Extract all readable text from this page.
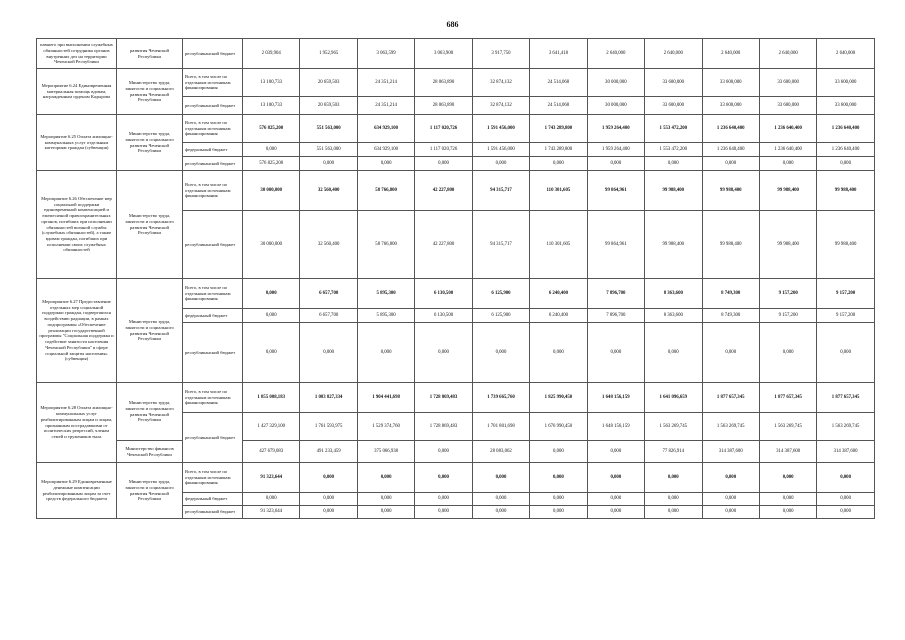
686
павшего при выполнении служебных обязанностей сотрудника органов внутренних дел на территории Чеченской Республики	развития Чеченской Республики	республиканский бюджет	2 039,904	1 952,965	3 063,599	3 063,900	3 917,750	3 641,418	2 640,000	2 640,000	2 640,000	2 640,000	2 640,000
Мероприятие 6.24 Единовременная материальная помощь вдовам, награжденным орденом Кадырова	Министерство труда, занятости и социального развития Чеченской Республики	Всего, в том числе по отдельным источникам финансирования	13 100,733	20 659,503	24 351,214	28 063,890	32 874,132	24 514,068	30 000,000	33 600,000	33 600,000	33 600,000	33 600,000
		республиканский бюджет	13 100,733	20 659,503	24 351,214	28 063,890	32 874,132	24 514,068	30 000,000	33 600,000	33 600,000	33 600,000	33 600,000
Мероприятие 6.25 Оплата жилищно-коммунальных услуг отдельным категориям граждан (субвенция)	Министерство труда, занятости и социального развития Чеченской Республики	Всего, в том числе по отдельным источникам финансирования	576 825,200	551 563,000	634 929,100	1 117 020,726	1 591 456,000	1 743 289,800	1 959 264,400	1 553 472,200	1 236 640,400	1 236 640,400	1 236 640,400
		федеральный бюджет	0,000	551 563,000	634 929,100	1 117 020,726	1 591 456,000	1 743 289,800	1 959 264,400	1 553 472,200	1 236 640,400	1 236 640,400	1 236 640,400
		республиканский бюджет	576 825,200	0,000	0,000	0,000	0,000	0,000	0,000	0,000	0,000	0,000	0,000
Мероприятие 6.26 Обеспечение мер социальной поддержки единовременной компенсацией и ежемесячной правоохранительных органов, погибших при исполнении обязанностей военной службы (служебных обязанностей), а также вдовам граждан, погибших при исполнении своих служебных обязанностей	Министерство труда, занятости и социального развития Чеченской Республики	Всего, в том числе по отдельным источникам финансирования	30 000,000	32 560,400	58 766,800	42 227,800	94 315,717	110 301,605	99 864,961	99 988,400	99 988,400	99 988,400	99 988,400
		республиканский бюджет	30 000,000	32 560,400	58 766,800	42 227,800	94 315,717	110 301,605	99 864,961	99 988,400	99 988,400	99 988,400	99 988,400
Мероприятие 6.27 Предоставление отдельных мер социальной поддержки граждан, подвергшихся воздействию радиации, в рамках подпрограммы «Обеспечение реализации государственной программы "Социальная поддержка и содействие занятости населения Чеченской Республики" в сфере социальной защиты населения» (субвенция)	Министерство труда, занятости и социального развития Чеченской Республики	Всего, в том числе по отдельным источникам финансирования	0,000	6 657,700	5 895,300	6 130,500	6 125,900	6 240,400	7 896,700	8 363,600	8 749,300	9 157,200	9 157,200
		федеральный бюджет	0,000	6 657,700	5 895,300	6 130,500	6 125,900	6 240,400	7 896,700	8 363,600	8 749,300	9 157,200	9 157,200
		республиканский бюджет	0,000	0,000	0,000	0,000	0,000	0,000	0,000	0,000	0,000	0,000	0,000
Мероприятие 6.28 Оплата жилищно-коммунальных услуг реабилитированным лицам и лицам, признанным пострадавшими от политических репрессий, членам семей и тружеников тыла	Министерство труда, занятости и социального развития Чеченской Республики	Всего, в том числе по отдельным источникам финансирования	1 855 008,183	1 083 827,334	1 904 441,698	1 728 869,483	1 739 665,760	1 825 990,450	1 648 156,159	1 641 096,659	1 877 657,345	1 877 657,345	1 877 657,345
		республиканский бюджет	1 427 329,100	1 761 593,975	1 529 374,760	1 728 869,483	1 701 801,698	1 676 990,450	1 648 156,159	1 563 269,745	1 563 269,745	1 563 269,745	1 563 269,745
	Министерство финансов Чеченской Республики		427 679,083	491 233,459	375 066,938	0,000	28 083,062	0,000	0,000	77 826,914	314 387,600	314 387,600	314 387,600
Мероприятие 6.29 Единовременные денежные компенсации реабилитированным лицам за счет средств федерального бюджета	Министерство труда, занятости и социального развития Чеченской Республики	Всего, в том числе по отдельным источникам финансирования	91 323,644	0,000	0,000	0,000	0,000	0,000	0,000	0,000	0,000	0,000	0,000
		федеральный бюджет	0,000	0,000	0,000	0,000	0,000	0,000	0,000	0,000	0,000	0,000	0,000
		республиканский бюджет	91 323,644	0,000	0,000	0,000	0,000	0,000	0,000	0,000	0,000	0,000	0,000
